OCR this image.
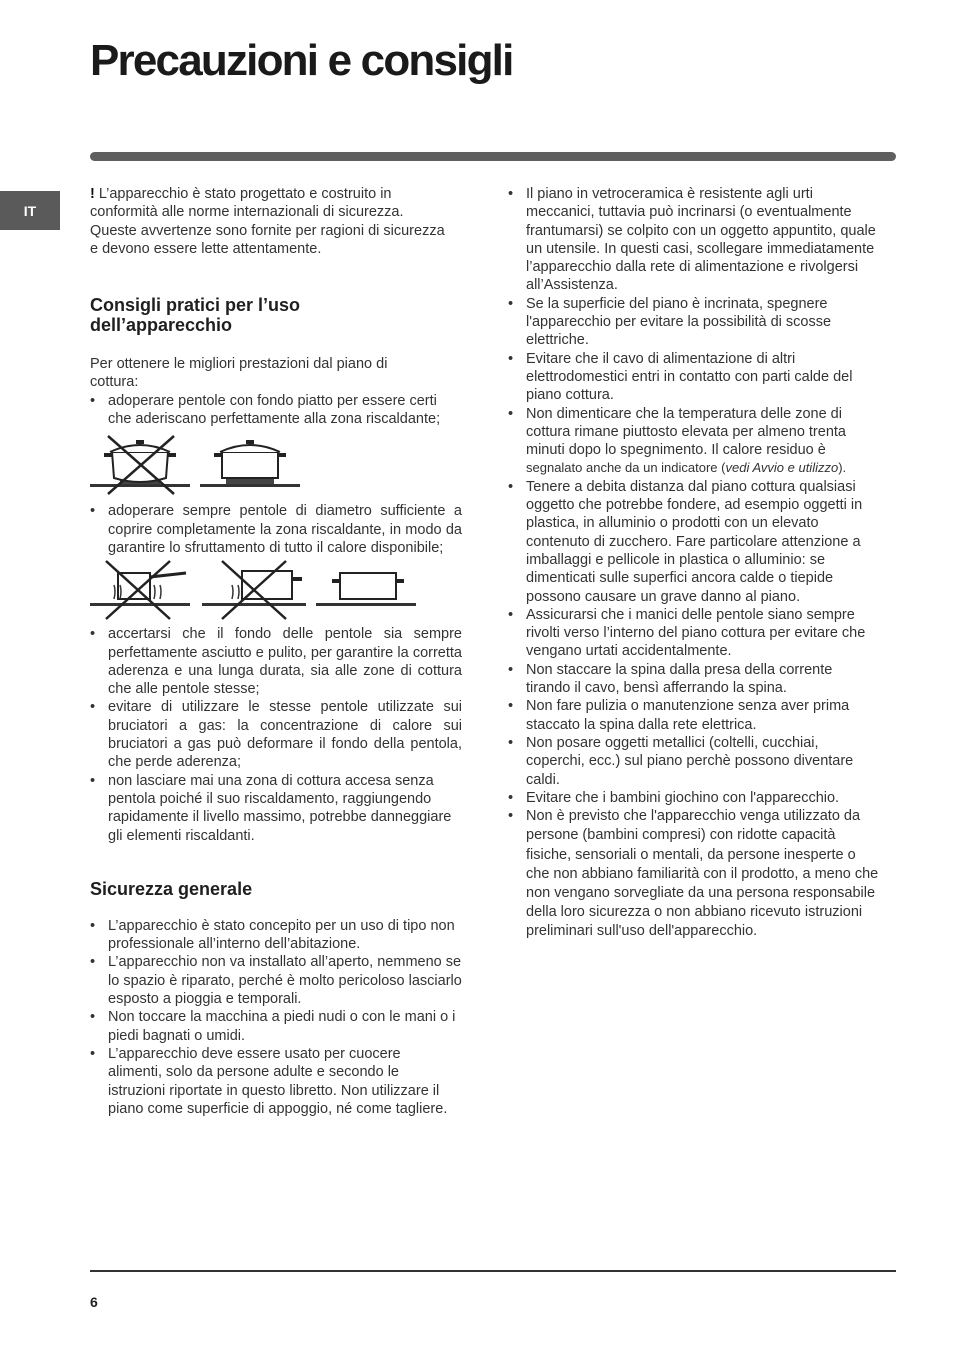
Precauzioni e consigli
IT

! L’apparecchio è stato progettato e costruito in conformità alle norme internazionali di sicurezza. Queste avvertenze sono fornite per ragioni di sicurezza e devono essere lette attentamente.

Consigli pratici per l’uso dell’apparecchio

Per ottenere le migliori prestazioni dal piano di cottura:

• adoperare pentole con fondo piatto per essere certi che aderiscano perfettamente alla zona riscaldante;
• adoperare sempre pentole di diametro sufficiente a coprire completamente la zona riscaldante, in modo da garantire lo sfruttamento di tutto il calore disponibile;
• accertarsi che il fondo delle pentole sia sempre perfettamente asciutto e pulito, per garantire la corretta aderenza e una lunga durata, sia alle zone di cottura che alle pentole stesse;
• evitare di utilizzare le stesse pentole utilizzate sui bruciatori a gas: la concentrazione di calore sui bruciatori a gas può deformare il fondo della pentola, che perde aderenza;
• non lasciare mai una zona di cottura accesa senza pentola poiché il suo riscaldamento, raggiungendo rapidamente il livello massimo, potrebbe danneggiare gli elementi riscaldanti.
Sicurezza generale
• L’apparecchio è stato concepito per un uso di tipo non professionale all’interno dell’abitazione.
• L’apparecchio non va installato all’aperto, nemmeno se lo spazio è riparato, perché è molto pericoloso lasciarlo esposto a pioggia e temporali.
• Non toccare la macchina a piedi nudi o con le mani o i piedi bagnati o umidi.
• L’apparecchio deve essere usato per cuocere alimenti, solo da persone adulte e secondo le istruzioni riportate in questo libretto. Non utilizzare il piano come superficie di appoggio, né come tagliere.
• Il piano in vetroceramica è resistente agli urti meccanici, tuttavia può incrinarsi (o eventualmente frantumarsi) se colpito con un oggetto appuntito, quale un utensile. In questi casi, scollegare immediatamente l’apparecchio dalla rete di alimentazione e rivolgersi all’Assistenza.
• Se la superficie del piano è incrinata, spegnere l'apparecchio per evitare la possibilità di scosse elettriche.
• Evitare che il cavo di alimentazione di altri elettrodomestici entri in contatto con parti calde del piano cottura.
• Non dimenticare che la temperatura delle zone di cottura rimane piuttosto elevata per almeno trenta minuti dopo lo spegnimento. Il calore residuo è segnalato anche da un indicatore (vedi Avvio e utilizzo).
• Tenere a debita distanza dal piano cottura qualsiasi oggetto che potrebbe fondere, ad esempio oggetti in plastica, in alluminio o prodotti con un elevato contenuto di zucchero. Fare particolare attenzione a imballaggi e pellicole in plastica o alluminio: se dimenticati sulle superfici ancora calde o tiepide possono causare un grave danno al piano.
• Assicurarsi che i manici delle pentole siano sempre rivolti verso l’interno del piano cottura per evitare che vengano urtati accidentalmente.
• Non staccare la spina dalla presa della corrente tirando il cavo, bensì afferrando la spina.
• Non fare pulizia o manutenzione senza aver prima staccato la spina dalla rete elettrica.
• Non posare oggetti metallici (coltelli, cucchiai, coperchi, ecc.) sul piano perchè possono diventare caldi.
• Evitare che i bambini giochino con l'apparecchio.
• Non è previsto che l'apparecchio venga utilizzato da persone (bambini compresi) con ridotte capacità fisiche, sensoriali o mentali, da persone inesperte o che non abbiano familiarità con il prodotto, a meno che non vengano sorvegliate da una persona responsabile della loro sicurezza o non abbiano ricevuto istruzioni preliminari sull'uso dell'apparecchio.
6
